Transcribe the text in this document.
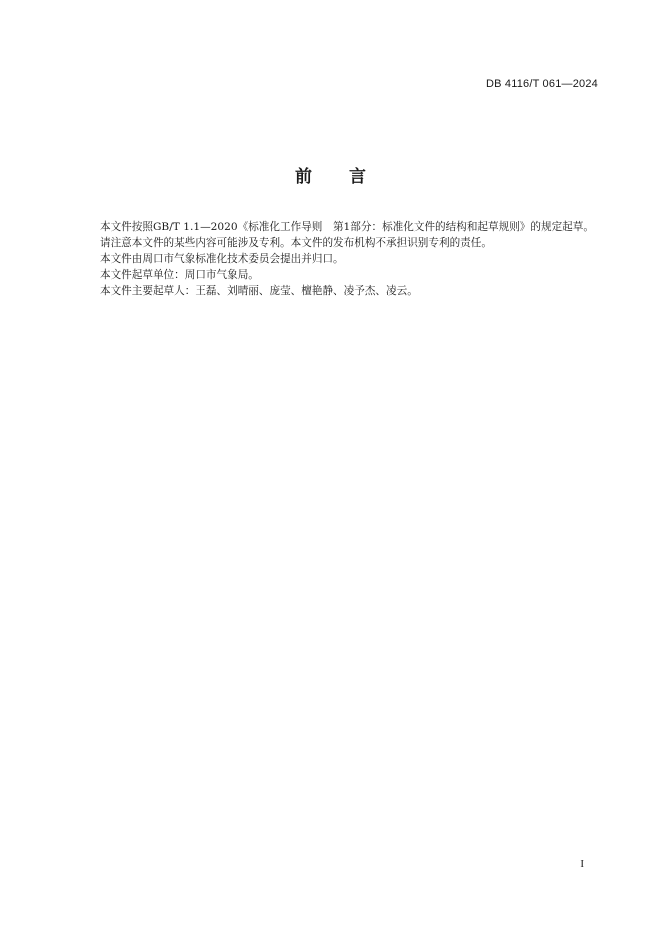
DB 4116/T 061—2024
前 言

本文件按照GB/T 1.1—2020《标准化工作导则　第1部分：标准化文件的结构和起草规则》的规定起草。

请注意本文件的某些内容可能涉及专利。本文件的发布机构不承担识别专利的责任。

本文件由周口市气象标准化技术委员会提出并归口。

本文件起草单位：周口市气象局。

本文件主要起草人：王磊、刘晴丽、庞莹、檀艳静、凌予杰、凌云。

I
